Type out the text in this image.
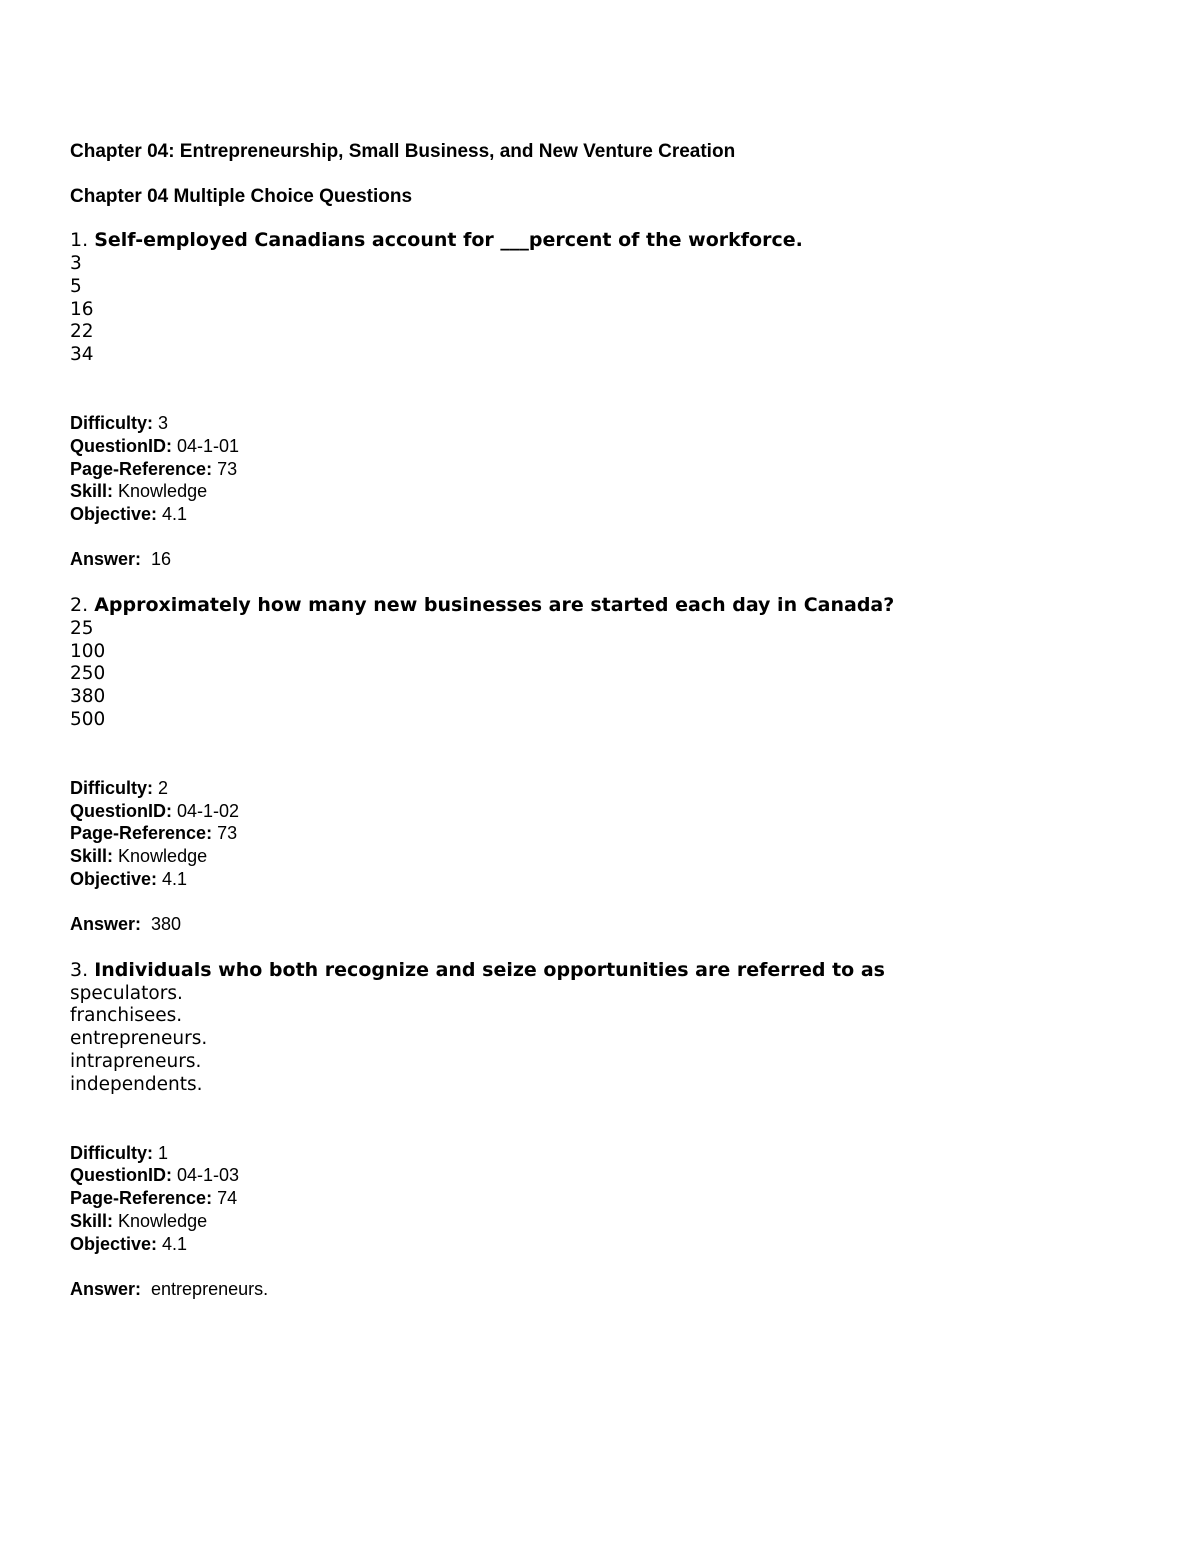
Chapter 04: Entrepreneurship, Small Business, and New Venture Creation
Chapter 04 Multiple Choice Questions
1. Self-employed Canadians account for ___percent of the workforce.
3
5
16
22
34
Difficulty: 3
QuestionID: 04-1-01
Page-Reference: 73
Skill: Knowledge
Objective: 4.1
Answer: 16
2. Approximately how many new businesses are started each day in Canada?
25
100
250
380
500
Difficulty: 2
QuestionID: 04-1-02
Page-Reference: 73
Skill: Knowledge
Objective: 4.1
Answer: 380
3. Individuals who both recognize and seize opportunities are referred to as
speculators.
franchisees.
entrepreneurs.
intrapreneurs.
independents.
Difficulty: 1
QuestionID: 04-1-03
Page-Reference: 74
Skill: Knowledge
Objective: 4.1
Answer: entrepreneurs.
